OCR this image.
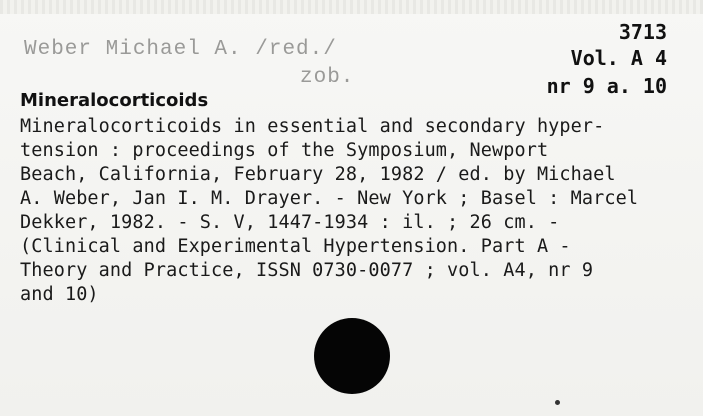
Weber Michael A. /red./
zob.
3713
Vol. A 4
nr 9 a. 10
Mineralocorticoids
Mineralocorticoids in essential and secondary hyper-
tension : proceedings of the Symposium, Newport
Beach, California, February 28, 1982 / ed. by Michael
A. Weber, Jan I. M. Drayer. - New York ; Basel : Marcel
Dekker, 1982. - S. V, 1447-1934 : il. ; 26 cm. -
(Clinical and Experimental Hypertension. Part A -
Theory and Practice, ISSN 0730-0077 ; vol. A4, nr 9
and 10)
